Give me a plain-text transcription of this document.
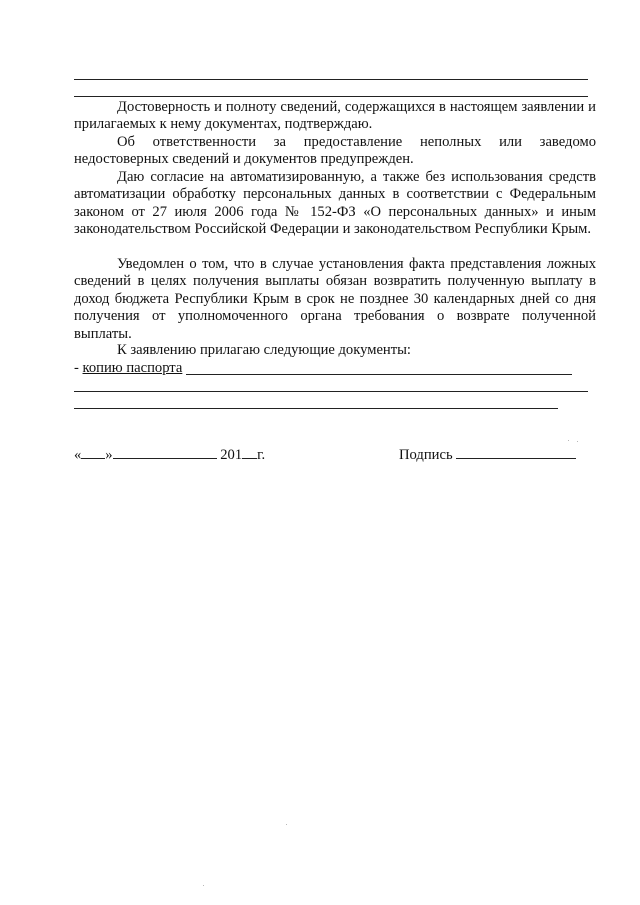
Достоверность и полноту сведений, содержащихся в настоящем заявлении и прилагаемых к нему документах, подтверждаю.

Об ответственности за предоставление неполных или заведомо недостоверных сведений и документов предупрежден.

Даю согласие на автоматизированную, а также без использования средств автоматизации обработку персональных данных в соответствии с Федеральным законом от 27 июля 2006 года № 152-ФЗ «О персональных данных» и иным законодательством Российской Федерации и законодательством Республики Крым.

Уведомлен о том, что в случае установления факта представления ложных сведений в целях получения выплаты обязан возвратить полученную выплату в доход бюджета Республики Крым в срок не позднее 30 календарных дней со дня получения от уполномоченного органа требования о возврате полученной выплаты.

К заявлению прилагаю следующие документы:
- копию паспорта
« »	201 г.	Подпись
